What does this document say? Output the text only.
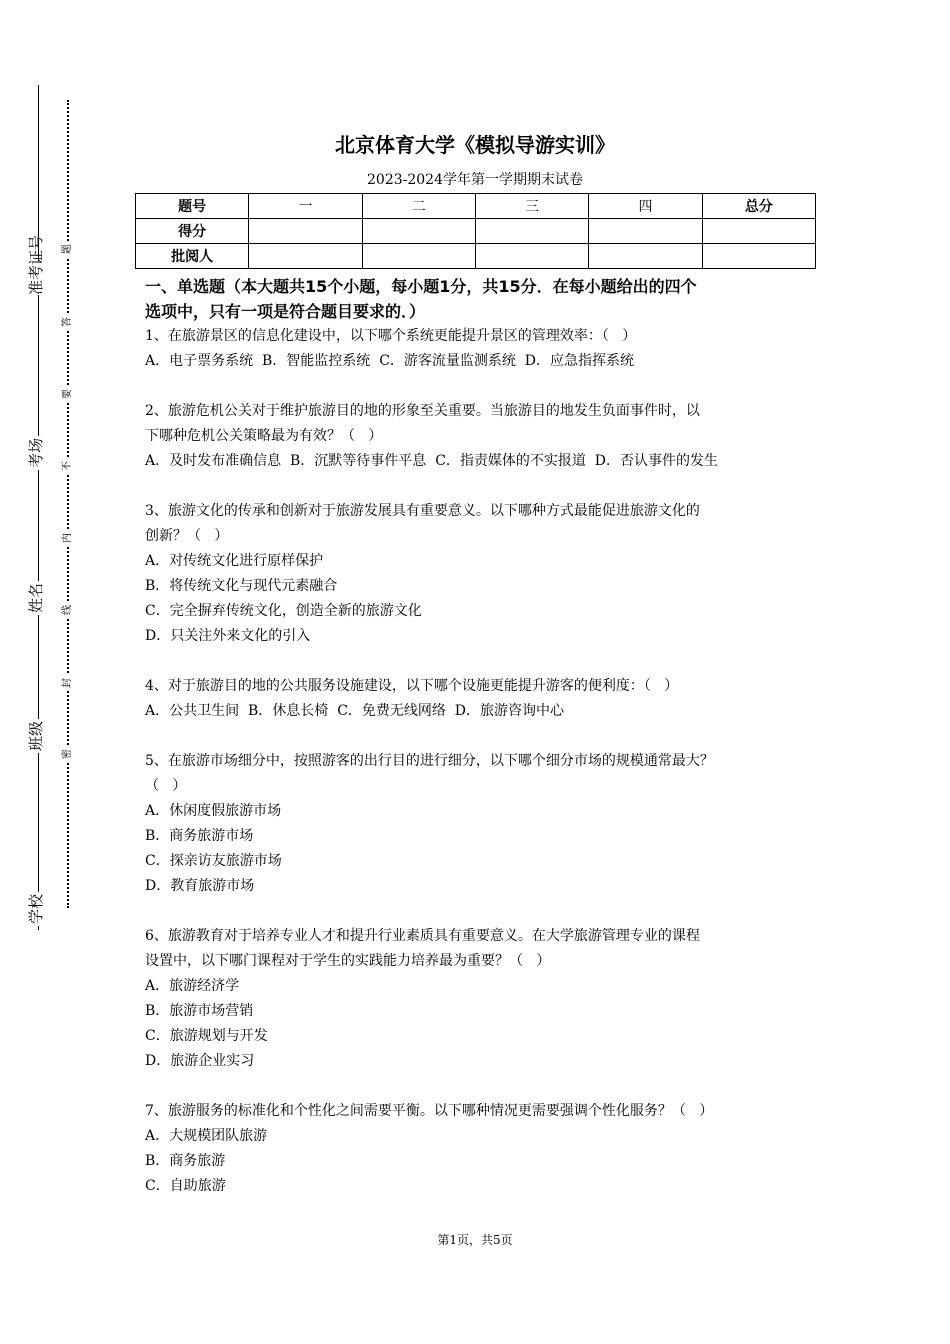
准考证号
考场
姓名
班级
学校
题
答
要
不
内
线
封
密
北京体育大学《模拟导游实训》
2023-2024学年第一学期期末试卷
题号	一	二	三	四	总分
得分					
批阅人					

一、单选题（本大题共15个小题，每小题1分，共15分．在每小题给出的四个

选项中，只有一项是符合题目要求的．）

1、在旅游景区的信息化建设中，以下哪个系统更能提升景区的管理效率：（   ）

A．电子票务系统  B．智能监控系统  C．游客流量监测系统  D．应急指挥系统

2、旅游危机公关对于维护旅游目的地的形象至关重要。当旅游目的地发生负面事件时，以

下哪种危机公关策略最为有效？（   ）

A．及时发布准确信息  B．沉默等待事件平息  C．指责媒体的不实报道  D．否认事件的发生

3、旅游文化的传承和创新对于旅游发展具有重要意义。以下哪种方式最能促进旅游文化的

创新？（   ）

A．对传统文化进行原样保护

B．将传统文化与现代元素融合

C．完全摒弃传统文化，创造全新的旅游文化

D．只关注外来文化的引入

4、对于旅游目的地的公共服务设施建设，以下哪个设施更能提升游客的便利度：（   ）

A．公共卫生间  B．休息长椅  C．免费无线网络  D．旅游咨询中心

5、在旅游市场细分中，按照游客的出行目的进行细分，以下哪个细分市场的规模通常最大？

（   ）

A．休闲度假旅游市场

B．商务旅游市场

C．探亲访友旅游市场

D．教育旅游市场

6、旅游教育对于培养专业人才和提升行业素质具有重要意义。在大学旅游管理专业的课程

设置中，以下哪门课程对于学生的实践能力培养最为重要？（   ）

A．旅游经济学

B．旅游市场营销

C．旅游规划与开发

D．旅游企业实习

7、旅游服务的标准化和个性化之间需要平衡。以下哪种情况更需要强调个性化服务？（   ）

A．大规模团队旅游

B．商务旅游

C．自助旅游

第1页，共5页
